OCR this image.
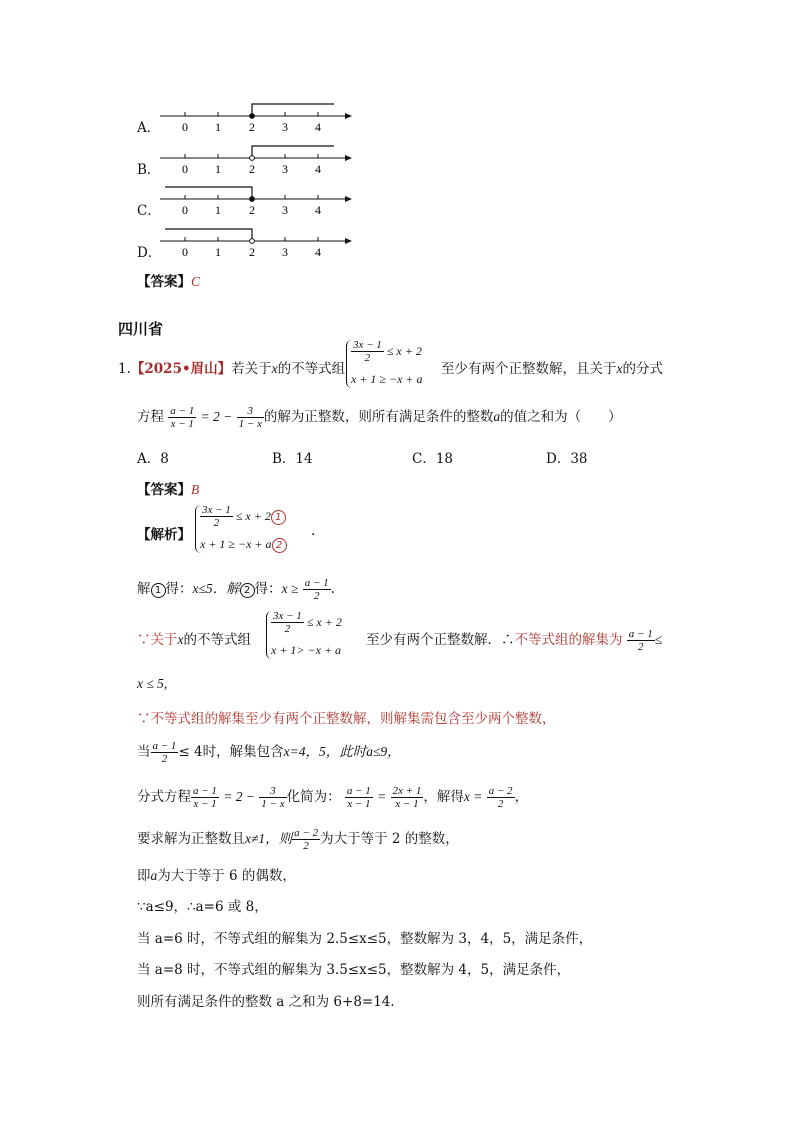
A． 0 1 2 3 4
B． 0 1 2 3 4
C． 0 1 2 3 4
D． 0 1 2 3 4
【答案】C
四川省
1.【2025•眉山】若关于x的不等式组
$\frac{3x - 1}{2} \le x + 2$
x + 1 ≥ −x + a
至少有两个正整数解，且关于x的分式
方程 $\frac{a - 1}{x - 1} = 2 - \frac{3}{1 - x}$ 的解为正整数，则所有满足条件的整数a的值之和为（　　）
A．8	B．14	C．18	D．38
【答案】B
【解析】
$\frac{3x - 1}{2} \le x + 2$ 1
x + 1 ≥ −x + a 2
.
解 1 得：x≤5．解 2 得：$x \ge \frac{a - 1}{2}$ .
∵关于x的不等式组
$\frac{3x - 1}{2} \le x + 2$
x + 1> −x + a
至少有两个正整数解．∴不等式组的解集为 $\frac{a - 1}{2}$ ≤
x ≤ 5,
∵不等式组的解集至少有两个正整数解，则解集需包含至少两个整数，
当 $\frac{a - 1}{2} \le 4$时，解集包含x=4，5，此时a≤9，
分式方程 $\frac{a - 1}{x - 1} = 2 - \frac{3}{1 - x}$ 化简为： $\frac{a - 1}{x - 1} = \frac{2x + 1}{x - 1}$ ，解得$x = \frac{a - 2}{2}$ ，
要求解为正整数且x≠1，则 $\frac{a - 2}{2}$ 为大于等于 2 的整数，
即a为大于等于 6 的偶数，
∵a≤9，∴a=6 或 8，
当 a=6 时，不等式组的解集为 2.5≤x≤5，整数解为 3，4，5，满足条件，
当 a=8 时，不等式组的解集为 3.5≤x≤5，整数解为 4，5，满足条件，
则所有满足条件的整数 a 之和为 6+8=14．
